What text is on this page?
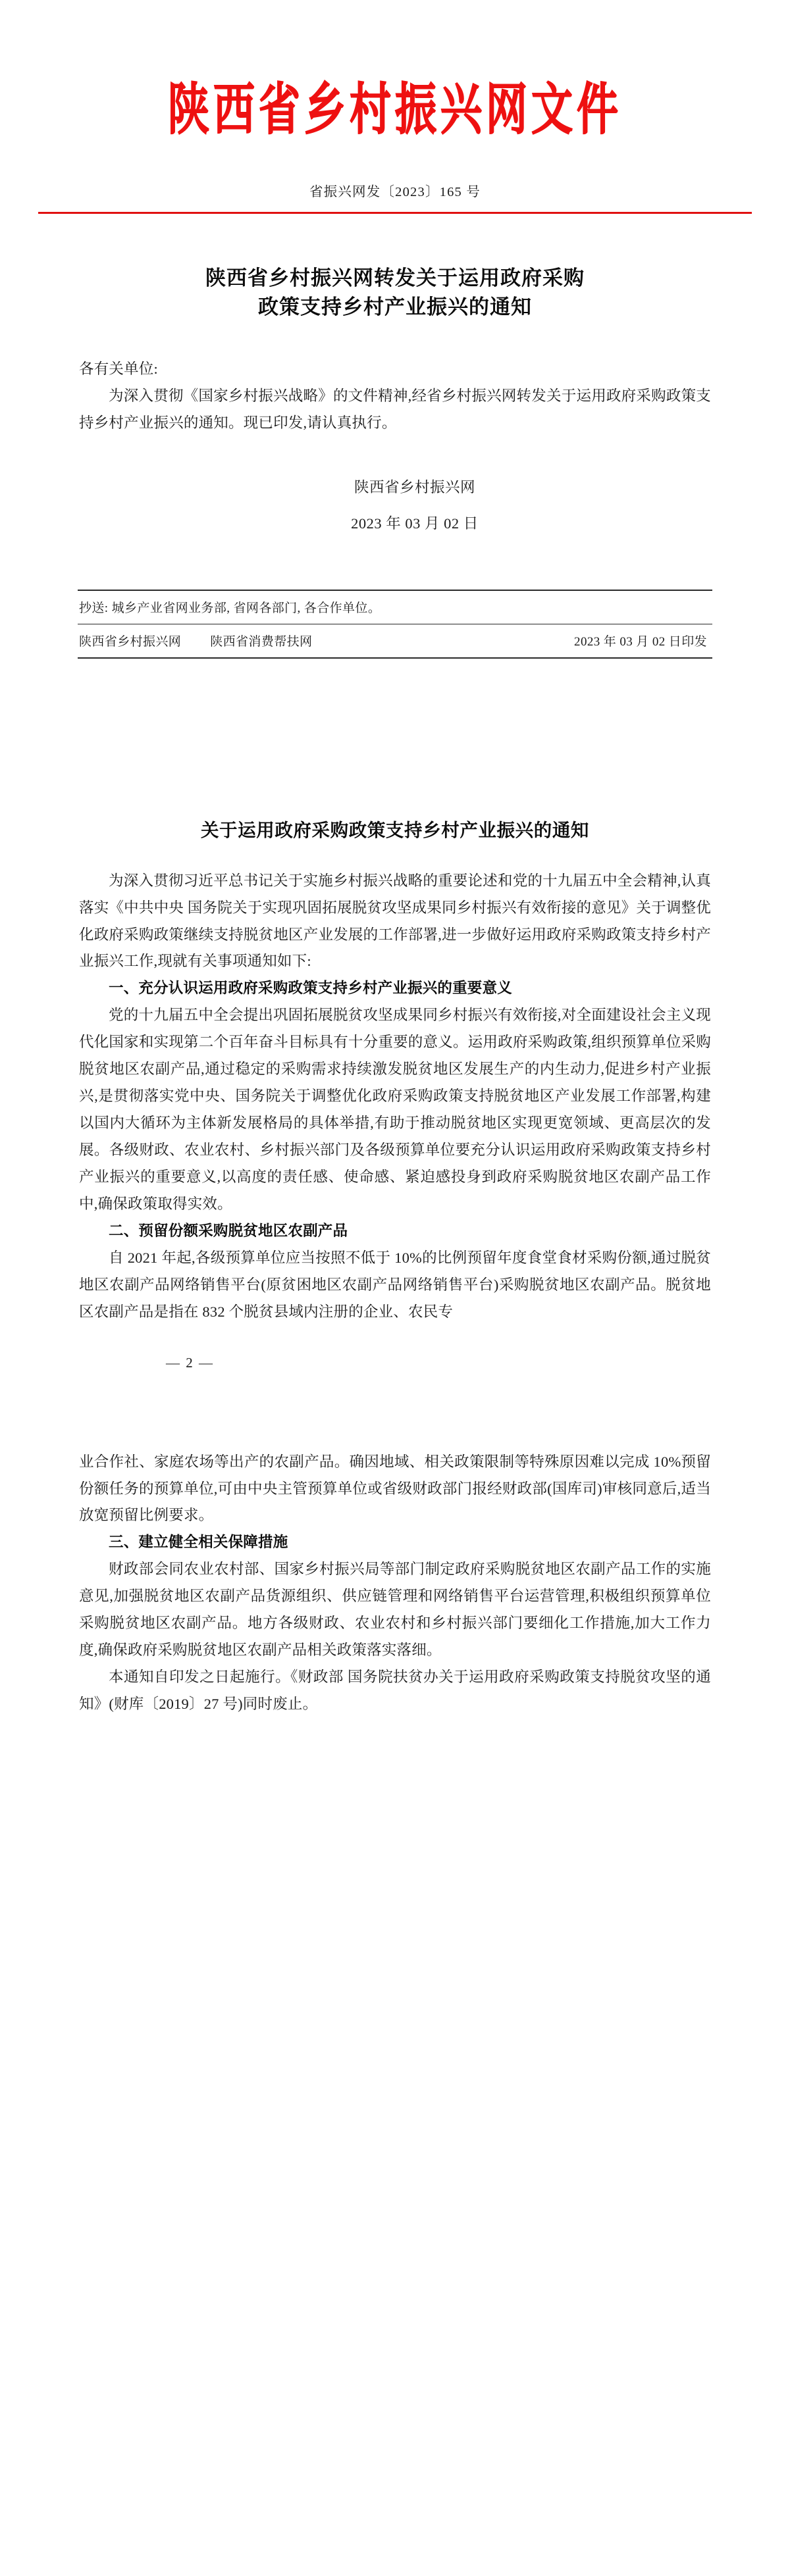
陕西省乡村振兴网文件
省振兴网发〔2023〕165 号
陕西省乡村振兴网转发关于运用政府采购
政策支持乡村产业振兴的通知

各有关单位:

为深入贯彻《国家乡村振兴战略》的文件精神,经省乡村振兴网转发关于运用政府采购政策支持乡村产业振兴的通知。现已印发,请认真执行。

陕西省乡村振兴网
2023 年 03 月 02 日
抄送: 城乡产业省网业务部, 省网各部门, 各合作单位。
陕西省乡村振兴网 陕西省消费帮扶网	2023 年 03 月 02 日印发
关于运用政府采购政策支持乡村产业振兴的通知

为深入贯彻习近平总书记关于实施乡村振兴战略的重要论述和党的十九届五中全会精神,认真落实《中共中央 国务院关于实现巩固拓展脱贫攻坚成果同乡村振兴有效衔接的意见》关于调整优化政府采购政策继续支持脱贫地区产业发展的工作部署,进一步做好运用政府采购政策支持乡村产业振兴工作,现就有关事项通知如下:

一、充分认识运用政府采购政策支持乡村产业振兴的重要意义

党的十九届五中全会提出巩固拓展脱贫攻坚成果同乡村振兴有效衔接,对全面建设社会主义现代化国家和实现第二个百年奋斗目标具有十分重要的意义。运用政府采购政策,组织预算单位采购脱贫地区农副产品,通过稳定的采购需求持续激发脱贫地区发展生产的内生动力,促进乡村产业振兴,是贯彻落实党中央、国务院关于调整优化政府采购政策支持脱贫地区产业发展工作部署,构建以国内大循环为主体新发展格局的具体举措,有助于推动脱贫地区实现更宽领域、更高层次的发展。各级财政、农业农村、乡村振兴部门及各级预算单位要充分认识运用政府采购政策支持乡村产业振兴的重要意义,以高度的责任感、使命感、紧迫感投身到政府采购脱贫地区农副产品工作中,确保政策取得实效。

二、预留份额采购脱贫地区农副产品

自 2021 年起,各级预算单位应当按照不低于 10%的比例预留年度食堂食材采购份额,通过脱贫地区农副产品网络销售平台(原贫困地区农副产品网络销售平台)采购脱贫地区农副产品。脱贫地区农副产品是指在 832 个脱贫县域内注册的企业、农民专

— 2 —

业合作社、家庭农场等出产的农副产品。确因地域、相关政策限制等特殊原因难以完成 10%预留份额任务的预算单位,可由中央主管预算单位或省级财政部门报经财政部(国库司)审核同意后,适当放宽预留比例要求。

三、建立健全相关保障措施

财政部会同农业农村部、国家乡村振兴局等部门制定政府采购脱贫地区农副产品工作的实施意见,加强脱贫地区农副产品货源组织、供应链管理和网络销售平台运营管理,积极组织预算单位采购脱贫地区农副产品。地方各级财政、农业农村和乡村振兴部门要细化工作措施,加大工作力度,确保政府采购脱贫地区农副产品相关政策落实落细。

本通知自印发之日起施行。《财政部 国务院扶贫办关于运用政府采购政策支持脱贫攻坚的通知》(财库〔2019〕27 号)同时废止。
